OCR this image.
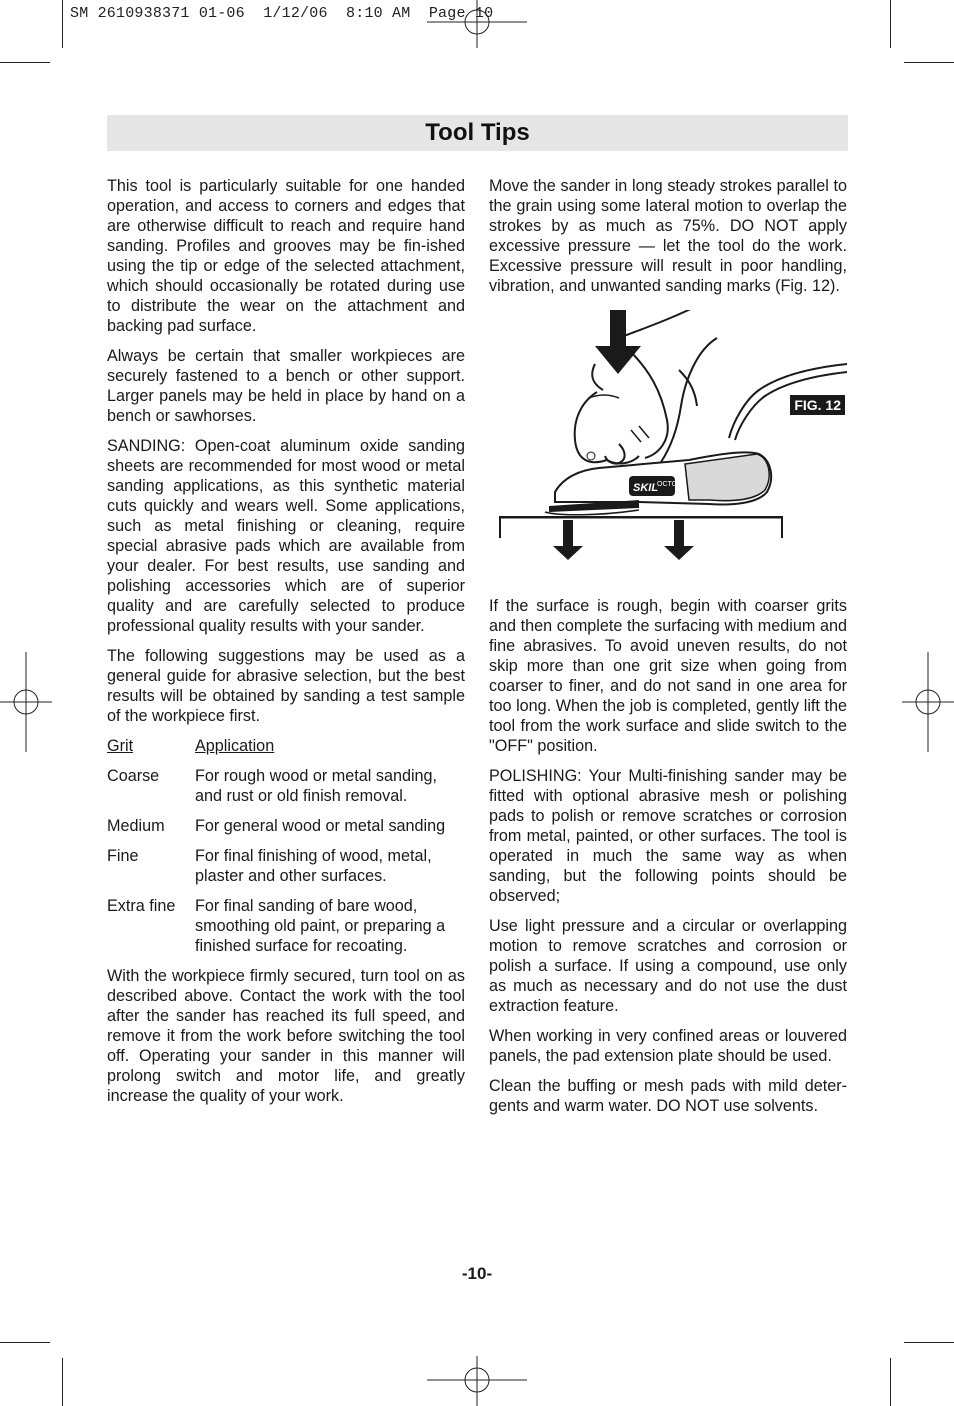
SM 2610938371 01-06  1/12/06  8:10 AM  Page 10
Tool Tips

This tool is particularly suitable for one handed operation, and access to corners and edges that are otherwise difficult to reach and require hand sanding. Profiles and grooves may be fin-ished using the tip or edge of the selected attachment, which should occasionally be rotated during use to distribute the wear on the attachment and backing pad surface.

Always be certain that smaller workpieces are securely fastened to a bench or other support. Larger panels may be held in place by hand on a bench or sawhorses.

SANDING: Open-coat aluminum oxide sanding sheets are recommended for most wood or metal sanding applications, as this synthetic material cuts quickly and wears well. Some applications, such as metal finishing or cleaning, require special abrasive pads which are available from your dealer. For best results, use sanding and polishing accessories which are of superior quality and are carefully selected to produce professional quality results with your sander.

The following suggestions may be used as a general guide for abrasive selection, but the best results will be obtained by sanding a test sample of the workpiece first.

Grit	Application
Coarse	For rough wood or metal sanding, and rust or old finish removal.
Medium	For general wood or metal sanding
Fine	For final finishing of wood, metal, plaster and other surfaces.
Extra fine	For final sanding of bare wood, smoothing old paint, or preparing a finished surface for recoating.

With the workpiece firmly secured, turn tool on as described above. Contact the work with the tool after the sander has reached its full speed, and remove it from the work before switching the tool off. Operating your sander in this manner will prolong switch and motor life, and greatly increase the quality of your work.

Move the sander in long steady strokes parallel to the grain using some lateral motion to overlap the strokes by as much as 75%. DO NOT apply excessive pressure — let the tool do the work. Excessive pressure will result in poor handling, vibration, and unwanted sanding marks (Fig. 12).

SKIL
OCTO
FIG. 12

If the surface is rough, begin with coarser grits and then complete the surfacing with medium and fine abrasives. To avoid uneven results, do not skip more than one grit size when going from coarser to finer, and do not sand in one area for too long. When the job is completed, gently lift the tool from the work surface and slide switch to the "OFF" position.

POLISHING: Your Multi-finishing sander may be fitted with optional abrasive mesh or polishing pads to polish or remove scratches or corrosion from metal, painted, or other surfaces. The tool is operated in much the same way as when sanding, but the following points should be observed;

Use light pressure and a circular or overlapping motion to remove scratches and corrosion or polish a surface. If using a compound, use only as much as necessary and do not use the dust extraction feature.

When working in very confined areas or louvered panels, the pad extension plate should be used.

Clean the buffing or mesh pads with mild deter-gents and warm water. DO NOT use solvents.

-10-
